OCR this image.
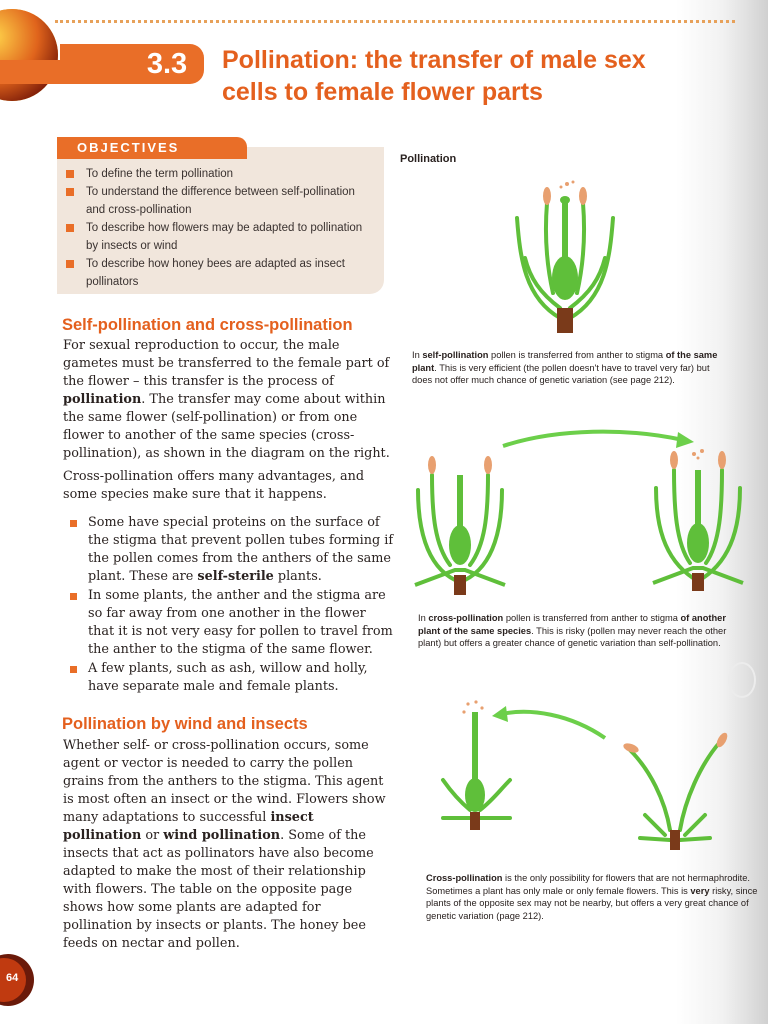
3.3	Pollination: the transfer of male sex
cells to female flower parts
OBJECTIVES
To define the term pollination
To understand the difference between self-pollination and cross-pollination
To describe how flowers may be adapted to pollination by insects or wind
To describe how honey bees are adapted as insect pollinators
Self-pollination and cross-pollination

For sexual reproduction to occur, the male gametes must be transferred to the female part of the flower – this transfer is the process of pollination. The transfer may come about within the same flower (self-pollination) or from one flower to another of the same species (cross-pollination), as shown in the diagram on the right.

Cross-pollination offers many advantages, and some species make sure that it happens.

Some have special proteins on the surface of the stigma that prevent pollen tubes forming if the pollen comes from the anthers of the same plant. These are self-sterile plants.
In some plants, the anther and the stigma are so far away from one another in the flower that it is not very easy for pollen to travel from the anther to the stigma of the same flower.
A few plants, such as ash, willow and holly, have separate male and female plants.
Pollination by wind and insects

Whether self- or cross-pollination occurs, some agent or vector is needed to carry the pollen grains from the anthers to the stigma. This agent is most often an insect or the wind. Flowers show many adaptations to successful insect pollination or wind pollination. Some of the insects that act as pollinators have also become adapted to make the most of their relationship with flowers. The table on the opposite page shows how some plants are adapted for pollination by insects or plants. The honey bee feeds on nectar and pollen.

Pollination
In self-pollination pollen is transferred from anther to stigma of the same plant. This is very efficient (the pollen doesn't have to travel very far) but does not offer much chance of genetic variation (see page 212).
In cross-pollination pollen is transferred from anther to stigma of another plant of the same species. This is risky (pollen may never reach the other plant) but offers a greater chance of genetic variation than self-pollination.
Cross-pollination is the only possibility for flowers that are not hermaphrodite. Sometimes a plant has only male or only female flowers. This is very risky, since plants of the opposite sex may not be nearby, but offers a very great chance of genetic variation (page 212).
64
